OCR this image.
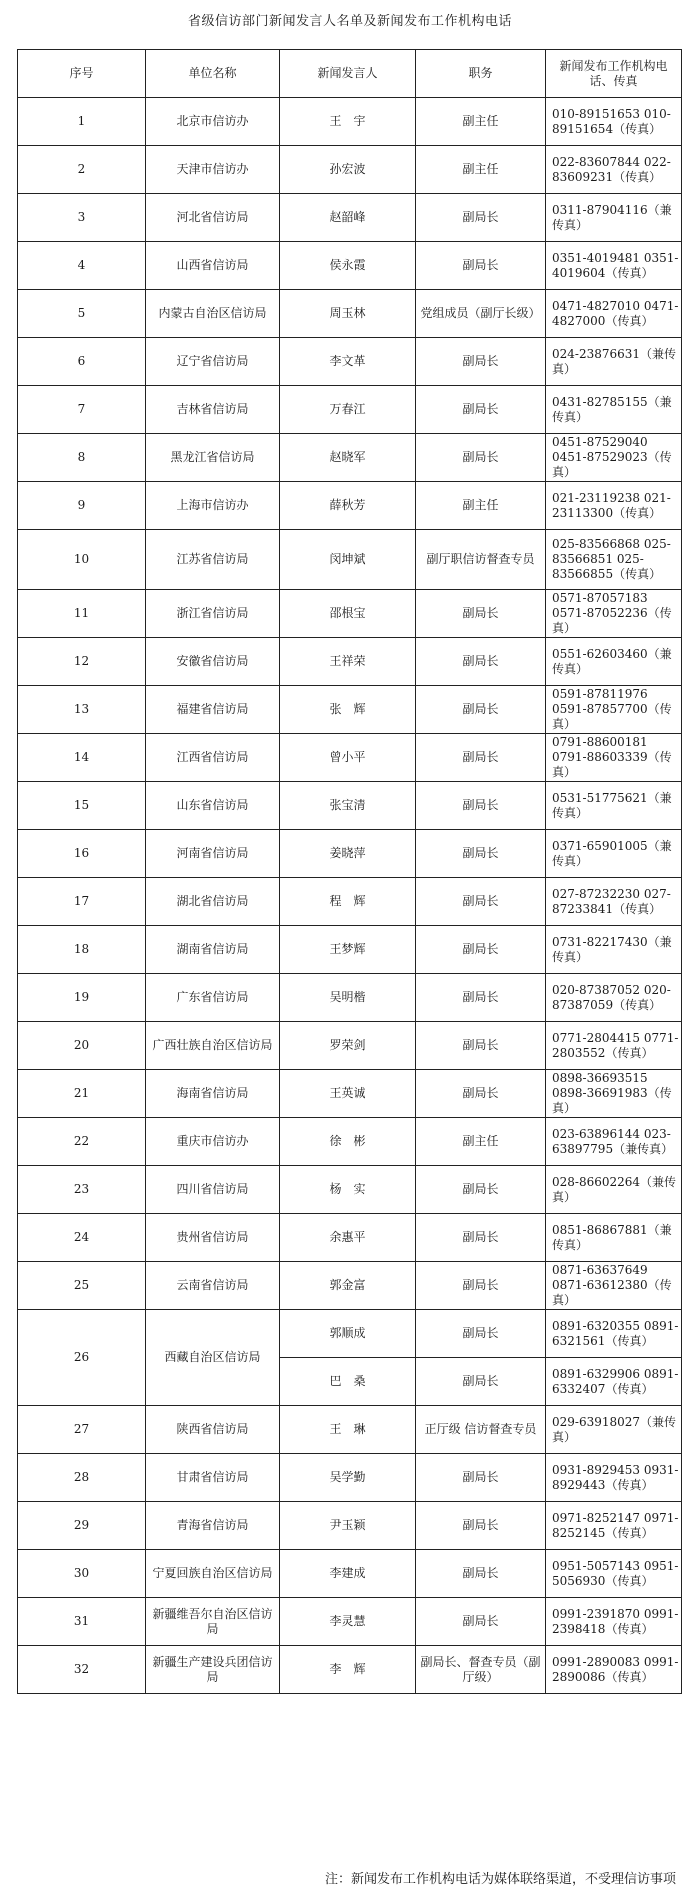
省级信访部门新闻发言人名单及新闻发布工作机构电话
序号	单位名称	新闻发言人	职务	新闻发布工作机构电话、传真
1	北京市信访办	王　宇	副主任	010-89151653 010-89151654（传真）
2	天津市信访办	孙宏波	副主任	022-83607844 022-83609231（传真）
3	河北省信访局	赵韶峰	副局长	0311-87904116（兼传真）
4	山西省信访局	侯永霞	副局长	0351-4019481 0351-4019604（传真）
5	内蒙古自治区信访局	周玉林	党组成员（副厅长级）	0471-4827010 0471-4827000（传真）
6	辽宁省信访局	李文革	副局长	024-23876631（兼传真）
7	吉林省信访局	万春江	副局长	0431-82785155（兼传真）
8	黑龙江省信访局	赵晓军	副局长	0451-87529040 0451-87529023（传真）
9	上海市信访办	薛秋芳	副主任	021-23119238 021-23113300（传真）
10	江苏省信访局	闵坤斌	副厅职信访督查专员	025-83566868 025-83566851 025-83566855（传真）
11	浙江省信访局	邵根宝	副局长	0571-87057183 0571-87052236（传真）
12	安徽省信访局	王祥荣	副局长	0551-62603460（兼传真）
13	福建省信访局	张　辉	副局长	0591-87811976 0591-87857700（传真）
14	江西省信访局	曾小平	副局长	0791-88600181 0791-88603339（传真）
15	山东省信访局	张宝清	副局长	0531-51775621（兼传真）
16	河南省信访局	姜晓萍	副局长	0371-65901005（兼传真）
17	湖北省信访局	程　辉	副局长	027-87232230 027-87233841（传真）
18	湖南省信访局	王梦辉	副局长	0731-82217430（兼传真）
19	广东省信访局	吴明楷	副局长	020-87387052 020-87387059（传真）
20	广西壮族自治区信访局	罗荣剑	副局长	0771-2804415 0771-2803552（传真）
21	海南省信访局	王英诚	副局长	0898-36693515 0898-36691983（传真）
22	重庆市信访办	徐　彬	副主任	023-63896144 023-63897795（兼传真）
23	四川省信访局	杨　实	副局长	028-86602264（兼传真）
24	贵州省信访局	余惠平	副局长	0851-86867881（兼传真）
25	云南省信访局	郭金富	副局长	0871-63637649 0871-63612380（传真）
26	西藏自治区信访局	郭顺成	副局长	0891-6320355 0891-6321561（传真）
		巴　桑	副局长	0891-6329906 0891-6332407（传真）
27	陕西省信访局	王　琳	正厅级 信访督查专员	029-63918027（兼传真）
28	甘肃省信访局	吴学勤	副局长	0931-8929453 0931-8929443（传真）
29	青海省信访局	尹玉颖	副局长	0971-8252147 0971-8252145（传真）
30	宁夏回族自治区信访局	李建成	副局长	0951-5057143 0951-5056930（传真）
31	新疆维吾尔自治区信访局	李灵慧	副局长	0991-2391870 0991-2398418（传真）
32	新疆生产建设兵团信访局	李　辉	副局长、督查专员（副厅级）	0991-2890083 0991-2890086（传真）
注：新闻发布工作机构电话为媒体联络渠道，不受理信访事项
